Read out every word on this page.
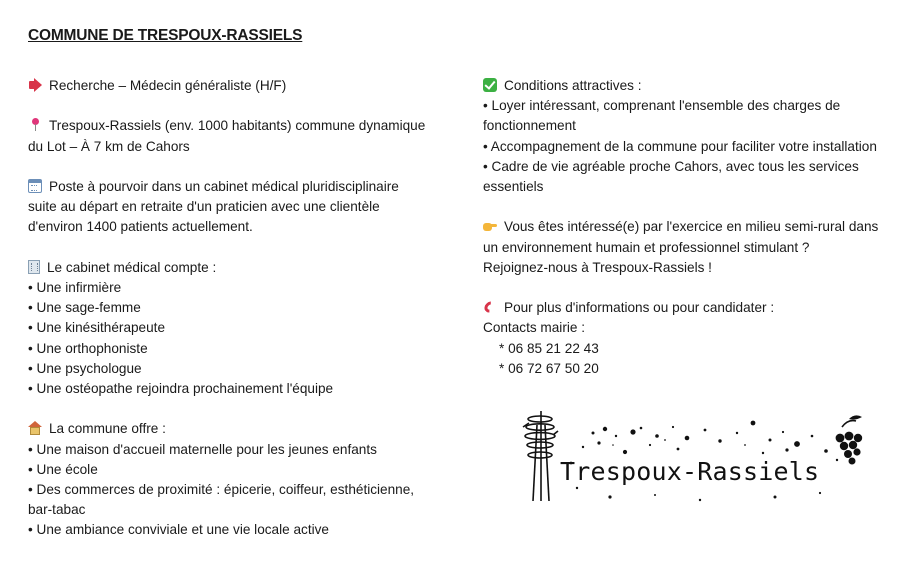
COMMUNE DE TRESPOUX-RASSIELS
Recherche – Médecin généraliste (H/F)
Trespoux-Rassiels (env. 1000 habitants) commune dynamique
du Lot – À 7 km de Cahors
Poste à pourvoir dans un cabinet médical pluridisciplinaire
suite au départ en retraite d'un praticien avec une clientèle
d'environ 1400 patients actuellement.
Le cabinet médical compte :
• Une infirmière
• Une sage-femme
• Une kinésithérapeute
• Une orthophoniste
• Une psychologue
• Une ostéopathe rejoindra prochainement l'équipe
La commune offre :
• Une maison d'accueil maternelle pour les jeunes enfants
• Une école
• Des commerces de proximité : épicerie, coiffeur, esthéticienne,
bar-tabac
• Une ambiance conviviale et une vie locale active
Conditions attractives :
• Loyer intéressant, comprenant l'ensemble des charges de
fonctionnement
• Accompagnement de la commune pour faciliter votre installation
• Cadre de vie agréable proche Cahors, avec tous les services
essentiels
Vous êtes intéressé(e) par l'exercice en milieu semi-rural dans
un environnement humain et professionnel stimulant ?
Rejoignez-nous à Trespoux-Rassiels !
Pour plus d'informations ou pour candidater :
Contacts mairie :
* 06 85 21 22 43
* 06 72 67 50 20
Trespoux-Rassiels
